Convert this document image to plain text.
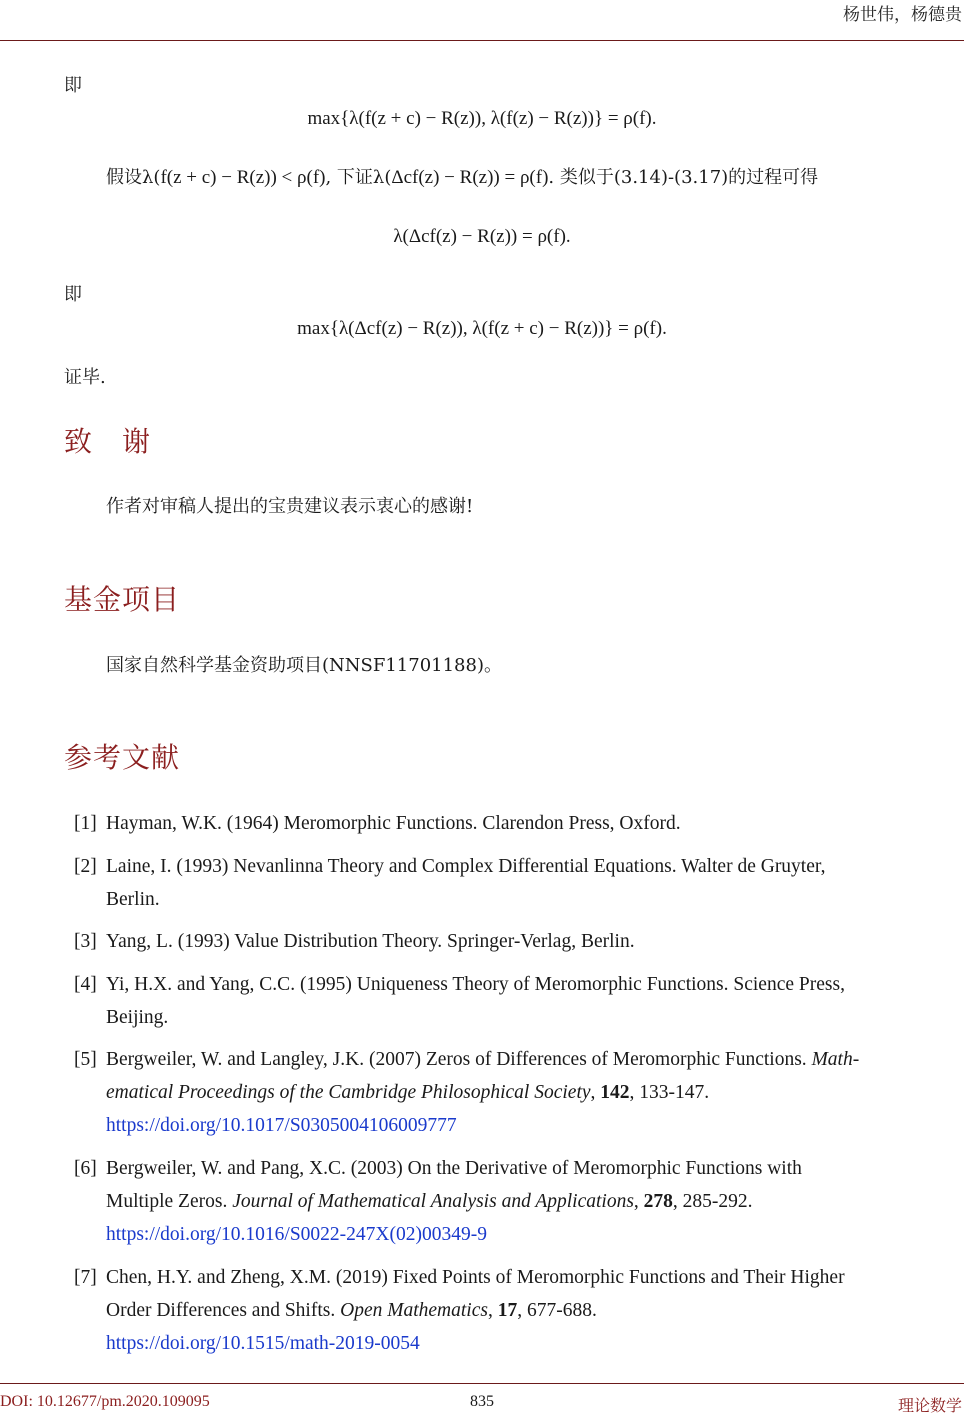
杨世伟，杨德贵
即
max{λ(f(z + c) − R(z)), λ(f(z) − R(z))} = ρ(f).
假设λ(f(z + c) − R(z)) < ρ(f), 下证λ(Δcf(z) − R(z)) = ρ(f). 类似于(3.14)-(3.17)的过程可得
λ(Δcf(z) − R(z)) = ρ(f).
即
max{λ(Δcf(z) − R(z)), λ(f(z + c) − R(z))} = ρ(f).
证毕.
致　谢
作者对审稿人提出的宝贵建议表示衷心的感谢!
基金项目
国家自然科学基金资助项目(NNSF11701188)。
参考文献
[1] Hayman, W.K. (1964) Meromorphic Functions. Clarendon Press, Oxford.
[2] Laine, I. (1993) Nevanlinna Theory and Complex Differential Equations. Walter de Gruyter,
Berlin.
[3] Yang, L. (1993) Value Distribution Theory. Springer-Verlag, Berlin.
[4] Yi, H.X. and Yang, C.C. (1995) Uniqueness Theory of Meromorphic Functions. Science Press,
Beijing.
[5] Bergweiler, W. and Langley, J.K. (2007) Zeros of Differences of Meromorphic Functions. Math-
ematical Proceedings of the Cambridge Philosophical Society, 142, 133-147.
https://doi.org/10.1017/S0305004106009777
[6] Bergweiler, W. and Pang, X.C. (2003) On the Derivative of Meromorphic Functions with
Multiple Zeros. Journal of Mathematical Analysis and Applications, 278, 285-292.
https://doi.org/10.1016/S0022-247X(02)00349-9
[7] Chen, H.Y. and Zheng, X.M. (2019) Fixed Points of Meromorphic Functions and Their Higher
Order Differences and Shifts. Open Mathematics, 17, 677-688.
https://doi.org/10.1515/math-2019-0054
DOI: 10.12677/pm.2020.109095	835	理论数学
